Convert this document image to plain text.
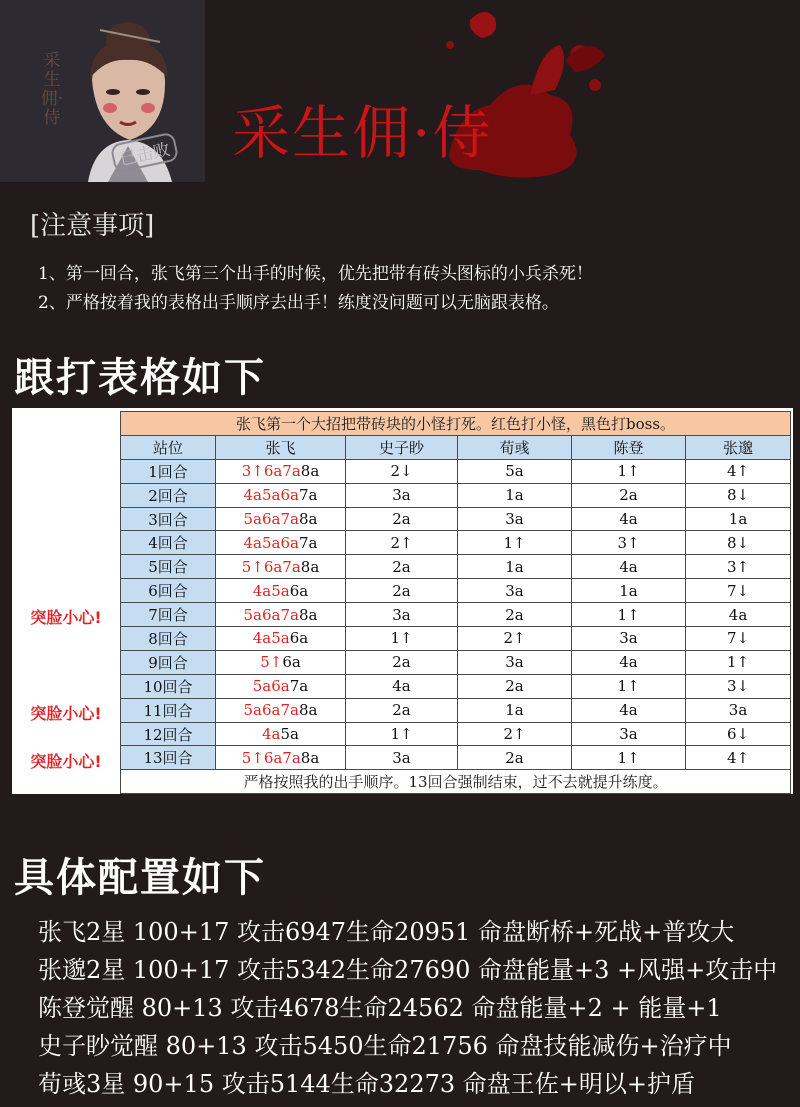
采生佣·侍
已击败 采生佣·侍
[注意事项]
1、第一回合，张飞第三个出手的时候，优先把带有砖头图标的小兵杀死！
2、严格按着我的表格出手顺序去出手！练度没问题可以无脑跟表格。
跟打表格如下
突脸小心!
突脸小心!
突脸小心!
张飞第一个大招把带砖块的小怪打死。红色打小怪，黑色打boss。					
站位	张飞	史子眇	荀彧	陈登	张邈
1回合	3↑6a7a8a	2↓	5a	1↑	4↑
2回合	4a5a6a7a	3a	1a	2a	8↓
3回合	5a6a7a8a	2a	3a	4a	1a
4回合	4a5a6a7a	2↑	1↑	3↑	8↓
5回合	5↑6a7a8a	2a	1a	4a	3↑
6回合	4a5a6a	2a	3a	1a	7↓
7回合	5a6a7a8a	3a	2a	1↑	4a
8回合	4a5a6a	1↑	2↑	3a	7↓
9回合	5↑6a	2a	3a	4a	1↑
10回合	5a6a7a	4a	2a	1↑	3↓
11回合	5a6a7a8a	2a	1a	4a	3a
12回合	4a5a	1↑	2↑	3a	6↓
13回合	5↑6a7a8a	3a	2a	1↑	4↑
严格按照我的出手顺序。13回合强制结束，过不去就提升练度。					
具体配置如下
张飞2星 100+17 攻击6947生命20951 命盘断桥+死战+普攻大
张邈2星 100+17 攻击5342生命27690 命盘能量+3 +风强+攻击中
陈登觉醒 80+13 攻击4678生命24562 命盘能量+2 + 能量+1
史子眇觉醒 80+13 攻击5450生命21756 命盘技能减伤+治疗中
荀彧3星 90+15 攻击5144生命32273 命盘王佐+明以+护盾
